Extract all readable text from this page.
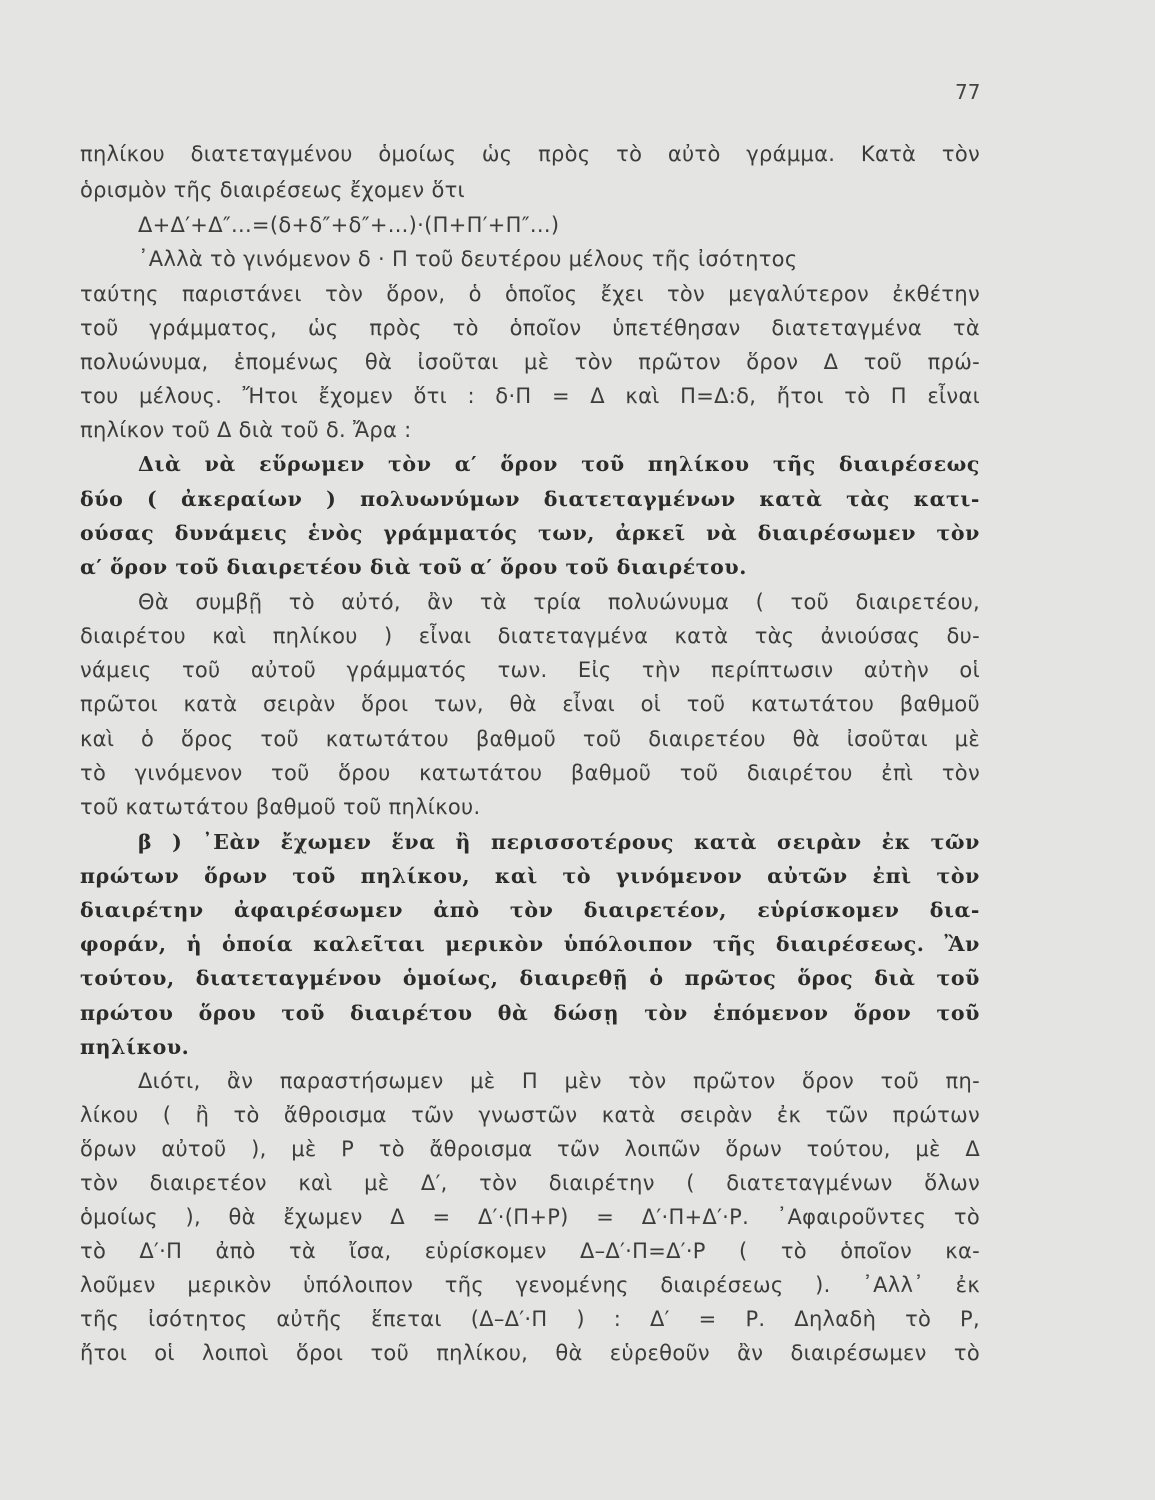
77
πηλίκου διατεταγμένου ὁμοίως ὡς πρὸς τὸ αὐτὸ γράμμα. Κατὰ τὸν
ὁρισμὸν τῆς διαιρέσεως ἔχομεν ὅτι
Δ+Δ′+Δ″...=(δ+δ″+δ″+...)·(Π+Π′+Π″...)
᾿Αλλὰ τὸ γινόμενον δ · Π τοῦ δευτέρου μέλους τῆς ἰσότητος
ταύτης παριστάνει τὸν ὅρον, ὁ ὁποῖος ἔχει τὸν μεγαλύτερον ἐκθέτην
τοῦ γράμματος, ὡς πρὸς τὸ ὁποῖον ὑπετέθησαν διατεταγμένα τὰ
πολυώνυμα, ἑπομένως θὰ ἰσοῦται μὲ τὸν πρῶτον ὅρον Δ τοῦ πρώ-
του μέλους. Ἤτοι ἔχομεν ὅτι : δ·Π = Δ καὶ Π=Δ:δ, ἤτοι τὸ Π εἶναι
πηλίκον τοῦ Δ διὰ τοῦ δ. Ἄρα :
Διὰ νὰ εὕρωμεν τὸν α′ ὅρον τοῦ πηλίκου τῆς διαιρέσεως
δύο ( ἀκεραίων ) πολυωνύμων διατεταγμένων κατὰ τὰς κατι-
ούσας δυνάμεις ἑνὸς γράμματός των, ἀρκεῖ νὰ διαιρέσωμεν τὸν
α′ ὅρον τοῦ διαιρετέου διὰ τοῦ α′ ὅρου τοῦ διαιρέτου.
Θὰ συμβῇ τὸ αὐτό, ἂν τὰ τρία πολυώνυμα ( τοῦ διαιρετέου,
διαιρέτου καὶ πηλίκου ) εἶναι διατεταγμένα κατὰ τὰς ἀνιούσας δυ-
νάμεις τοῦ αὐτοῦ γράμματός των. Εἰς τὴν περίπτωσιν αὐτὴν οἱ
πρῶτοι κατὰ σειρὰν ὅροι των, θὰ εἶναι οἱ τοῦ κατωτάτου βαθμοῦ
καὶ ὁ ὅρος τοῦ κατωτάτου βαθμοῦ τοῦ διαιρετέου θὰ ἰσοῦται μὲ
τὸ γινόμενον τοῦ ὅρου κατωτάτου βαθμοῦ τοῦ διαιρέτου ἐπὶ τὸν
τοῦ κατωτάτου βαθμοῦ τοῦ πηλίκου.
β ) ᾿Εὰν ἔχωμεν ἕνα ἢ περισσοτέρους κατὰ σειρὰν ἐκ τῶν
πρώτων ὅρων τοῦ πηλίκου, καὶ τὸ γινόμενον αὐτῶν ἐπὶ τὸν
διαιρέτην ἀφαιρέσωμεν ἀπὸ τὸν διαιρετέον, εὑρίσκομεν δια-
φοράν, ἡ ὁποία καλεῖται μερικὸν ὑπόλοιπον τῆς διαιρέσεως. Ἂν
τούτου, διατεταγμένου ὁμοίως, διαιρεθῇ ὁ πρῶτος ὅρος διὰ τοῦ
πρώτου ὅρου τοῦ διαιρέτου θὰ δώσῃ τὸν ἑπόμενον ὅρον τοῦ
πηλίκου.
Διότι, ἂν παραστήσωμεν μὲ Π μὲν τὸν πρῶτον ὅρον τοῦ πη-
λίκου ( ἢ τὸ ἄθροισμα τῶν γνωστῶν κατὰ σειρὰν ἐκ τῶν πρώτων
ὅρων αὐτοῦ ), μὲ Ρ τὸ ἄθροισμα τῶν λοιπῶν ὅρων τούτου, μὲ Δ
τὸν διαιρετέον καὶ μὲ Δ′, τὸν διαιρέτην ( διατεταγμένων ὅλων
ὁμοίως ), θὰ ἔχωμεν Δ = Δ′·(Π+Ρ) = Δ′·Π+Δ′·Ρ. ᾿Αφαιροῦντες τὸ
τὸ Δ′·Π ἀπὸ τὰ ἴσα, εὑρίσκομεν Δ–Δ′·Π=Δ′·Ρ ( τὸ ὁποῖον κα-
λοῦμεν μερικὸν ὑπόλοιπον τῆς γενομένης διαιρέσεως ). ᾿Αλλ᾿ ἐκ
τῆς ἰσότητος αὐτῆς ἕπεται (Δ–Δ′·Π ) : Δ′ = Ρ. Δηλαδὴ τὸ Ρ,
ἤτοι οἱ λοιποὶ ὅροι τοῦ πηλίκου, θὰ εὑρεθοῦν ἂν διαιρέσωμεν τὸ
